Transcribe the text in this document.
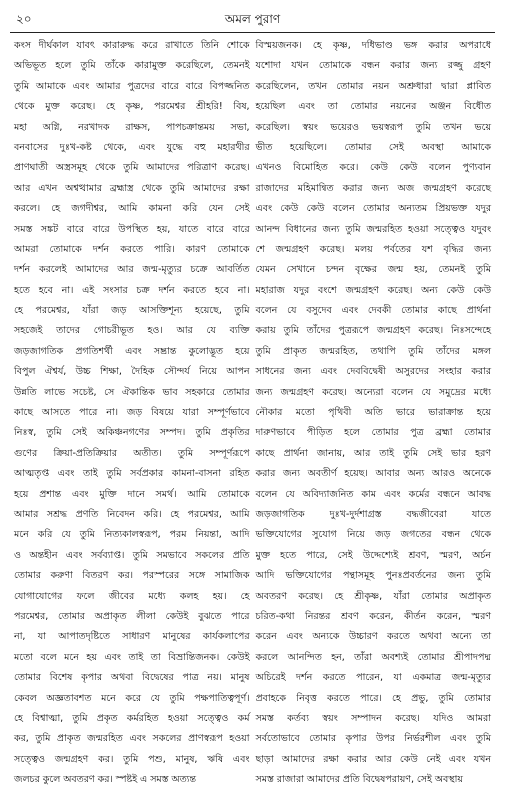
২০	অমল পুরাণ
কংস দীর্ঘকাল যাবৎ কারারুদ্ধ করে রাখাতে তিনি শোকে
অভিভূত হলে তুমি তাঁকে কারামুক্ত করেছিলে, তেমনই
তুমি আমাকে এবং আমার পুত্রদের বারে বারে বিপজ্জনিত
থেকে মুক্ত করেছ। হে কৃষ্ণ, পরমেশ্বর শ্রীহরি! বিষ,
মহা অগ্নি, নরখাদক রাক্ষস, পাপচক্রান্তময় সভা,
বনবাসের দুঃখ-কষ্ট থেকে, এবং যুদ্ধে বহু মহারথীর
প্রাণঘাতী অস্ত্রসমূহ থেকে তুমি আমাদের পরিত্রাণ করেছ।
আর এখন অশ্বত্থামার ব্রহ্মাস্ত্র থেকে তুমি আমাদের রক্ষা
করলে। হে জগদীশ্বর, আমি কামনা করি যেন সেই
সমস্ত সঙ্কট বারে বারে উপস্থিত হয়, যাতে বারে বারে
আমরা তোমাকে দর্শন করতে পারি। কারণ তোমাকে
দর্শন করলেই আমাদের আর জন্ম-মৃত্যুর চক্রে আবর্তিত
হতে হবে না। এই সংসার চক্র দর্শন করতে হবে না।
হে পরমেশ্বর, যাঁরা জড় আসক্তিশূন্য হয়েছে, তুমি
সহজেই তাদের গোচরীভূত হও। আর যে ব্যক্তি
জড়জাগতিক প্রগতিশর্থী এবং সম্ভ্রান্ত কুলোদ্ভূত হয়ে
বিপুল ঐশ্বর্য, উচ্চ শিক্ষা, দৈহিক সৌন্দর্য নিয়ে আপন
উন্নতি লাভে সচেষ্ট, সে ঐকান্তিক ভাব সহকারে তোমার
কাছে আসতে পারে না। জড় বিষয়ে যারা সম্পূর্ণভাবে
নিঃস্ব, তুমি সেই অকিঞ্চনগণের সম্পদ। তুমি প্রকৃতির
গুণের ক্রিয়া-প্রতিক্রিয়ার অতীত। তুমি সম্পূর্ণরূপে
আত্মতৃপ্ত এবং তাই তুমি সর্বপ্রকার কামনা-বাসনা রহিত
হয়ে প্রশান্ত এবং মুক্তি দানে সমর্থ। আমি তোমাকে
আমার সশ্রদ্ধ প্রণতি নিবেদন করি। হে পরমেশ্বর, আমি
মনে করি যে তুমি নিত্যকালস্বরূপ, পরম নিয়ন্তা, আদি
ও অন্তহীন এবং সর্বব্যাপ্ত। তুমি সমভাবে সকলের প্রতি
তোমার করুণা বিতরণ কর। পরস্পরের সঙ্গে সামাজিক
যোগাযোগের ফলে জীবের মধ্যে কলহ হয়। হে
পরমেশ্বর, তোমার অপ্রাকৃত লীলা কেউই বুঝতে পারে
না, যা আপাতদৃষ্টিতে সাধারণ মানুষের কার্যকলাপের
মতো বলে মনে হয় এবং তাই তা বিভ্রান্তিজনক। কেউই
তোমার বিশেষ কৃপার অথবা বিদ্বেষের পাত্র নয়। মানুষ
কেবল অজ্ঞতাবশত মনে করে যে তুমি পক্ষপাতিত্বপূর্ণ।
হে বিশ্বাত্মা, তুমি প্রকৃত কর্মরহিত হওয়া সত্ত্বেও কর্ম
কর, তুমি প্রাকৃত জন্মরহিত এবং সকলের প্রাণস্বরূপ হওয়া
সত্ত্বেও জন্মগ্রহণ কর। তুমি পশু, মানুষ, ঋষি এবং
জলচর কুলে অবতরণ কর। স্পষ্টই এ সমস্ত অত্যন্ত
বিস্ময়জনক। হে কৃষ্ণ, দধিভাণ্ড ভঙ্গ করার অপরাধে
যশোদা যখন তোমাকে বন্ধন করার জন্য রজ্জু গ্রহণ
করেছিলেন, তখন তোমার নয়ন অশ্রুধারা দ্বারা প্লাবিত
হয়েছিল এবং তা তোমার নয়নের অঞ্জন বিধৌত
করেছিল। স্বয়ং ভয়েরও ভয়স্বরূপ তুমি তখন ভয়ে
ভীত হয়েছিলে। তোমার সেই অবস্থা আমাকে
এখনও বিমোহিত করে। কেউ কেউ বলেন পুণ্যবান
রাজাদের মহিমান্বিত করার জন্য অজ জন্মগ্রহণ করেছে
এবং কেউ কেউ বলেন তোমার অন্যতম প্রিয়ভক্ত যদুর
আনন্দ বিধানের জন্য তুমি জন্মরহিত হওয়া সত্ত্বেও যদুবং
শে জন্মগ্রহণ করেছ। মলয় পর্বতের যশ বৃদ্ধির জন্য
যেমন সেখানে চন্দন বৃক্ষের জন্ম হয়, তেমনই তুমি
মহারাজ যদুর বংশে জন্মগ্রহণ করেছ। অন্য কেউ কেউ
বলেন যে বসুদেব এবং দেবকী তোমার কাছে প্রার্থনা
করায় তুমি তাঁদের পুত্ররূপে জন্মগ্রহণ করেছ। নিঃসন্দেহে
তুমি প্রাকৃত জন্মরহিত, তথাপি তুমি তাঁদের মঙ্গল
সাধনের জন্য এবং দেববিদ্বেষী অসুরদের সংহার করার
জন্য জন্মগ্রহণ করেছ। অন্যেরা বলেন যে সমুদ্রের মধ্যে
নৌকার মতো পৃথিবী অতি ভারে ভারাক্রান্ত হয়ে
দারুণভাবে পীড়িত হলে তোমার পুত্র ব্রহ্মা তোমার
কাছে প্রার্থনা জানায়, আর তাই তুমি সেই ভার হরণ
করার জন্য অবতীর্ণ হয়েছ। আবার অন্য আরও অনেকে
বলেন যে অবিদ্যাজনিত কাম এবং কর্মের বন্ধনে আবদ্ধ
জড়জাগতিক দুঃখ-দুর্দশাগ্রস্ত বদ্ধজীবেরা যাতে
ভক্তিযোগের সুযোগ নিয়ে জড় জগতের বন্ধন থেকে
মুক্ত হতে পারে, সেই উদ্দেশ্যেই শ্রবণ, স্মরণ, অর্চন
আদি ভক্তিযোগের পন্থাসমূহ পুনঃপ্রবর্তনের জন্য তুমি
অবতরণ করেছ। হে শ্রীকৃষ্ণ, যাঁরা তোমার অপ্রাকৃত
চরিত-কথা নিরন্তর শ্রবণ করেন, কীর্তন করেন, স্মরণ
করেন এবং অন্যকে উচ্চারণ করতে অথবা অন্যে তা
করলে আনন্দিত হন, তাঁরা অবশ্যই তোমার শ্রীপাদপদ্ম
অচিরেই দর্শন করতে পারেন, যা একমাত্র জন্ম-মৃত্যুর
প্রবাহকে নিবৃত্ত করতে পারে। হে প্রভু, তুমি তোমার
সমস্ত কর্তব্য স্বয়ং সম্পাদন করেছ। যদিও আমরা
সর্বতোভাবে তোমার কৃপার উপর নির্ভরশীল এবং তুমি
ছাড়া আমাদের রক্ষা করার আর কেউ নেই এবং যখন
সমস্ত রাজারা আমাদের প্রতি বিদ্বেষপরায়ণ, সেই অবস্থায়
